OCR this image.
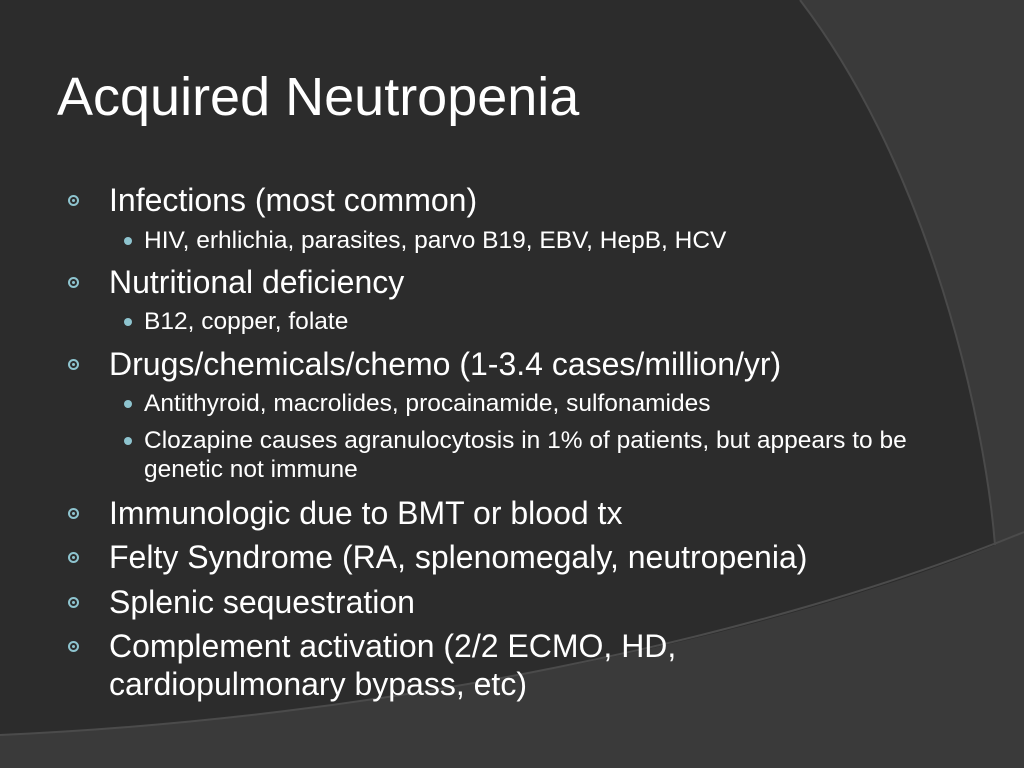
Acquired Neutropenia

Infections (most common)

HIV, erhlichia, parasites, parvo B19, EBV, HepB, HCV

Nutritional deficiency

B12, copper, folate

Drugs/chemicals/chemo (1-3.4 cases/million/yr)

Antithyroid, macrolides, procainamide, sulfonamides

Clozapine causes agranulocytosis in 1% of patients, but appears to be genetic not immune

Immunologic due to BMT or blood tx

Felty Syndrome (RA, splenomegaly, neutropenia)

Splenic sequestration

Complement activation (2/2 ECMO, HD, cardiopulmonary bypass, etc)
